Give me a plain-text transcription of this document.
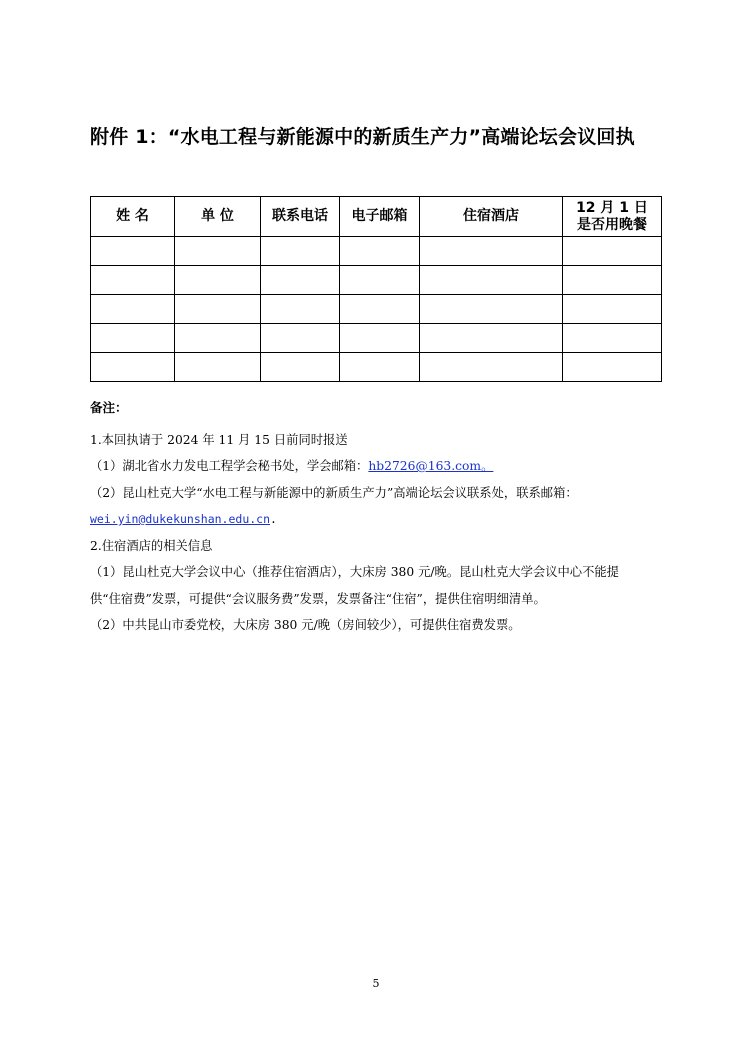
附件 1：“水电工程与新能源中的新质生产力”高端论坛会议回执
姓 名	单 位	联系电话	电子邮箱	住宿酒店	12 月 1 日
是否用晚餐

备注：
1.本回执请于 2024 年 11 月 15 日前同时报送
（1）湖北省水力发电工程学会秘书处，学会邮箱：hb2726@163.com。
（2）昆山杜克大学“水电工程与新能源中的新质生产力”高端论坛会议联系处，联系邮箱：
wei.yin@dukekunshan.edu.cn.
2.住宿酒店的相关信息
（1）昆山杜克大学会议中心（推荐住宿酒店），大床房 380 元/晚。昆山杜克大学会议中心不能提
供“住宿费”发票，可提供“会议服务费”发票，发票备注“住宿”，提供住宿明细清单。
（2）中共昆山市委党校，大床房 380 元/晚（房间较少），可提供住宿费发票。
5
